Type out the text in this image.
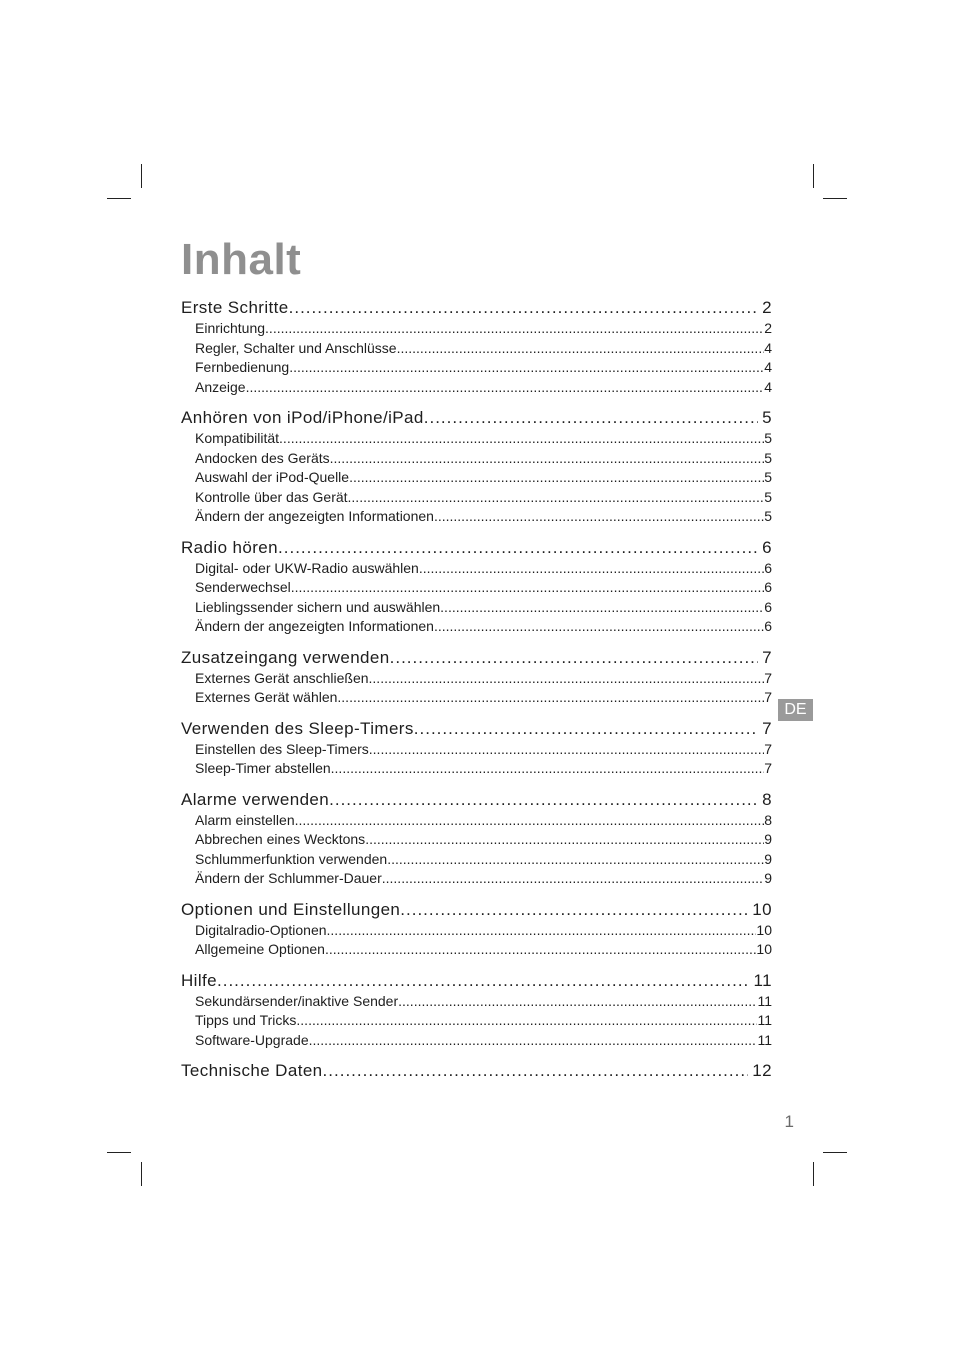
Inhalt
Erste Schritte .....	2
Einrichtung .....	2
Regler, Schalter und Anschlüsse .....	4
Fernbedienung .....	4
Anzeige .....	4
Anhören von iPod/iPhone/iPad .....	5
Kompatibilität .....	5
Andocken des Geräts .....	5
Auswahl der iPod-Quelle .....	5
Kontrolle über das Gerät .....	5
Ändern der angezeigten Informationen .....	5
Radio hören .....	6
Digital- oder UKW-Radio auswählen .....	6
Senderwechsel .....	6
Lieblingssender sichern und auswählen .....	6
Ändern der angezeigten Informationen .....	6
Zusatzeingang verwenden .....	7
Externes Gerät anschließen .....	7
Externes Gerät wählen .....	7
Verwenden des Sleep-Timers .....	7
Einstellen des Sleep-Timers .....	7
Sleep-Timer abstellen .....	7
Alarme verwenden .....	8
Alarm einstellen .....	8
Abbrechen eines Wecktons .....	9
Schlummerfunktion verwenden .....	9
Ändern der Schlummer-Dauer .....	9
Optionen und Einstellungen .....	10
Digitalradio-Optionen .....	10
Allgemeine Optionen .....	10
Hilfe .....	11
Sekundärsender/inaktive Sender .....	11
Tipps und Tricks .....	11
Software-Upgrade .....	11
Technische Daten .....	12
DE
1
